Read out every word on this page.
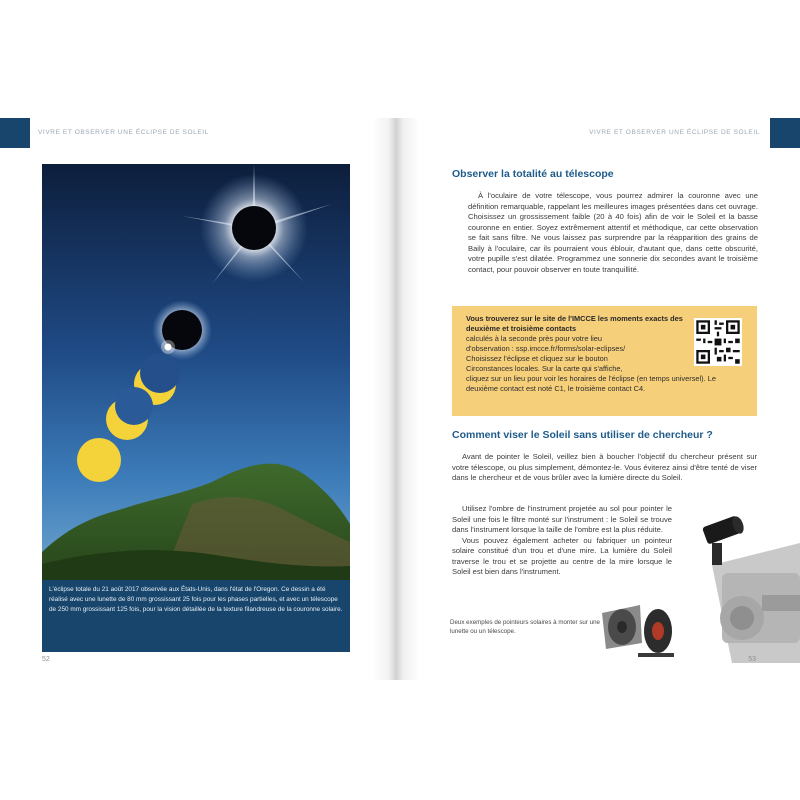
VIVRE ET OBSERVER UNE ÉCLIPSE DE SOLEIL
L'éclipse totale du 21 août 2017 observée aux États-Unis, dans l'état de l'Oregon. Ce dessin a été réalisé avec une lunette de 80 mm grossissant 25 fois pour les phases partielles, et avec un télescope de 250 mm grossissant 125 fois, pour la vision détaillée de la texture filandreuse de la couronne solaire.
52
VIVRE ET OBSERVER UNE ÉCLIPSE DE SOLEIL
Observer la totalité au télescope

À l'oculaire de votre télescope, vous pourrez admirer la couronne avec une définition remarquable, rappelant les meilleures images présentées dans cet ouvrage. Choisissez un grossissement faible (20 à 40 fois) afin de voir le Soleil et la basse couronne en entier. Soyez extrêmement attentif et méthodique, car cette observation se fait sans filtre. Ne vous laissez pas surprendre par la réapparition des grains de Baily à l'oculaire, car ils pourraient vous éblouir, d'autant que, dans cette obscurité, votre pupille s'est dilatée. Programmez une sonnerie dix secondes avant le troisième contact, pour pouvoir observer en toute tranquillité.

Vous trouverez sur le site de l'IMCCE les moments exacts des deuxième et troisième contacts
calculés à la seconde près pour votre lieu
d'observation : ssp.imcce.fr/forms/solar-eclipses/
Choisissez l'éclipse et cliquez sur le bouton
Circonstances locales. Sur la carte qui s'affiche,
cliquez sur un lieu pour voir les horaires de l'éclipse (en temps universel). Le deuxième contact est noté C1, le troisième contact C4.
Comment viser le Soleil sans utiliser de chercheur ?

Avant de pointer le Soleil, veillez bien à boucher l'objectif du chercheur présent sur votre télescope, ou plus simplement, démontez-le. Vous éviterez ainsi d'être tenté de viser dans le chercheur et de vous brûler avec la lumière directe du Soleil.

Utilisez l'ombre de l'instrument projetée au sol pour pointer le Soleil une fois le filtre monté sur l'instrument : le Soleil se trouve dans l'instrument lorsque la taille de l'ombre est la plus réduite.

Vous pouvez également acheter ou fabriquer un pointeur solaire constitué d'un trou et d'une mire. La lumière du Soleil traverse le trou et se projette au centre de la mire lorsque le Soleil est bien dans l'instrument.

Deux exemples de pointeurs solaires à monter sur une lunette ou un télescope.
53
